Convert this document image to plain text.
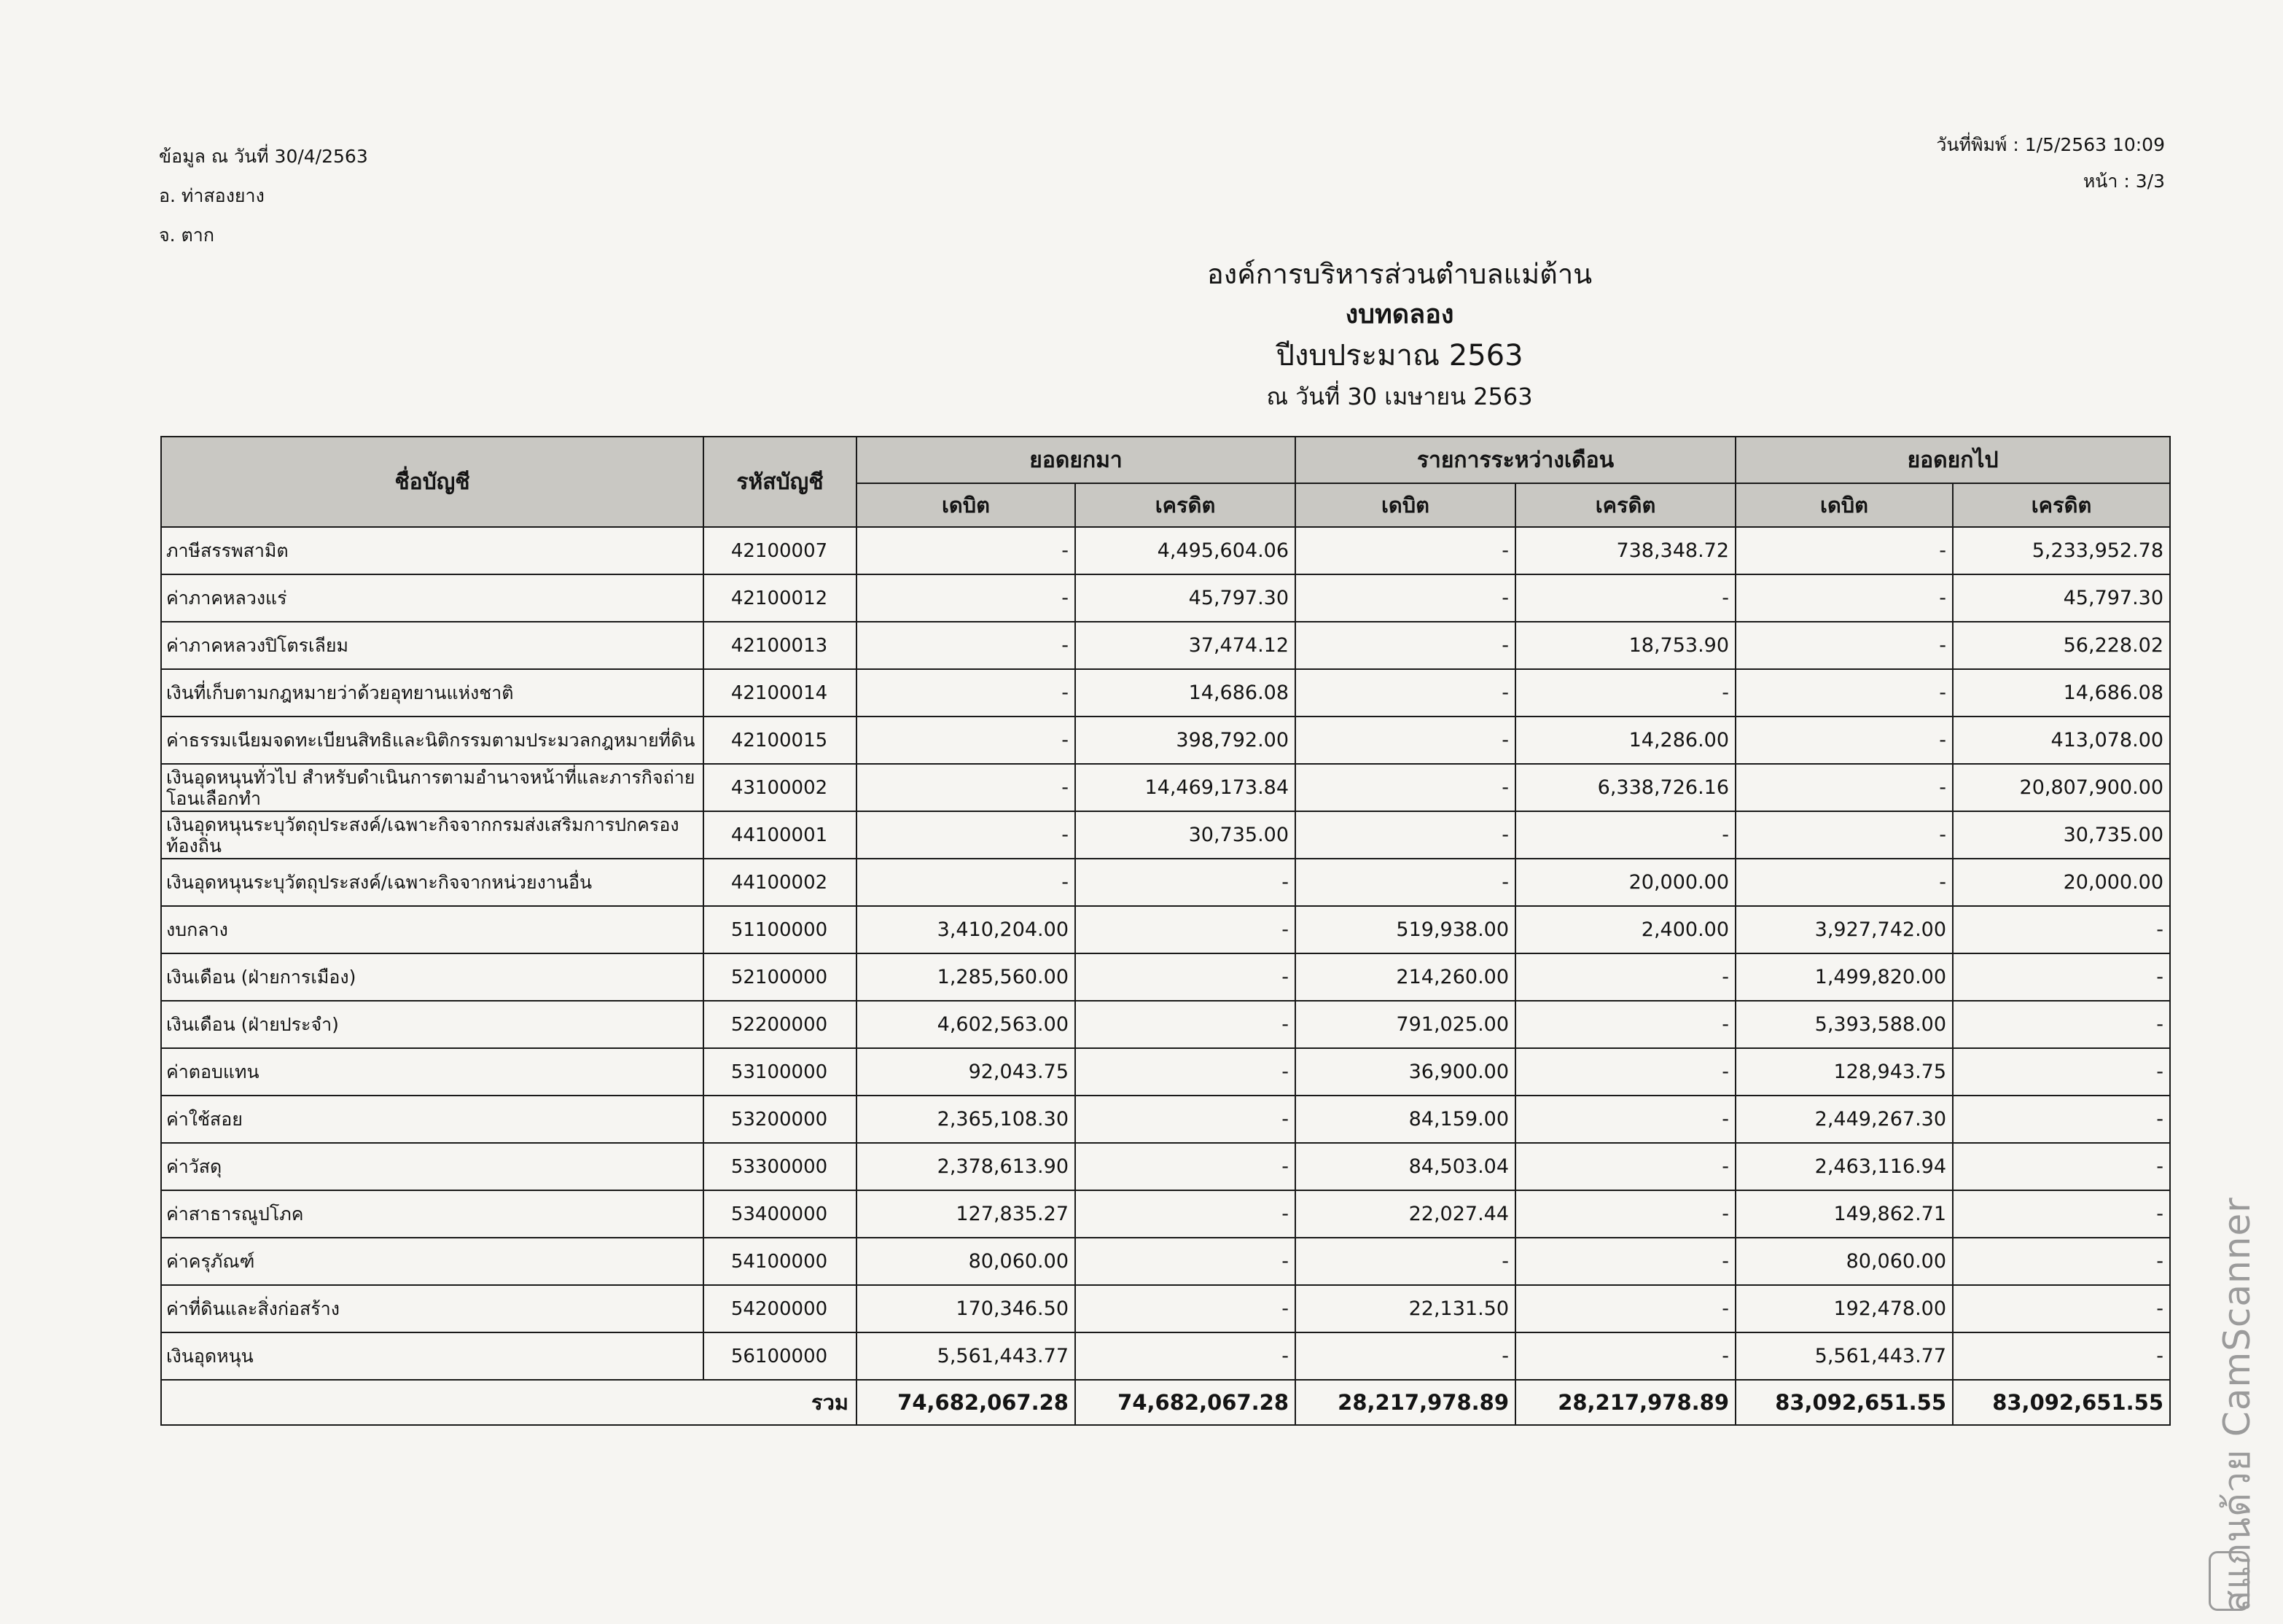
ข้อมูล ณ วันที่ 30/4/2563
อ. ท่าสองยาง
จ. ตาก
วันที่พิมพ์ : 1/5/2563 10:09
หน้า : 3/3
องค์การบริหารส่วนตำบลแม่ต้าน
งบทดลอง
ปีงบประมาณ 2563
ณ วันที่ 30 เมษายน 2563
ชื่อบัญชี	รหัสบัญชี	ยอดยกมา		รายการระหว่างเดือน		ยอดยกไป	
		เดบิต	เครดิต	เดบิต	เครดิต	เดบิต	เครดิต
ภาษีสรรพสามิต	42100007	-	4,495,604.06	-	738,348.72	-	5,233,952.78
ค่าภาคหลวงแร่	42100012	-	45,797.30	-	-	-	45,797.30
ค่าภาคหลวงปิโตรเลียม	42100013	-	37,474.12	-	18,753.90	-	56,228.02
เงินที่เก็บตามกฎหมายว่าด้วยอุทยานแห่งชาติ	42100014	-	14,686.08	-	-	-	14,686.08
ค่าธรรมเนียมจดทะเบียนสิทธิและนิติกรรมตามประมวลกฎหมายที่ดิน	42100015	-	398,792.00	-	14,286.00	-	413,078.00
เงินอุดหนุนทั่วไป สำหรับดำเนินการตามอำนาจหน้าที่และภารกิจถ่ายโอนเลือกทำ	43100002	-	14,469,173.84	-	6,338,726.16	-	20,807,900.00
เงินอุดหนุนระบุวัตถุประสงค์/เฉพาะกิจจากกรมส่งเสริมการปกครองท้องถิ่น	44100001	-	30,735.00	-	-	-	30,735.00
เงินอุดหนุนระบุวัตถุประสงค์/เฉพาะกิจจากหน่วยงานอื่น	44100002	-	-	-	20,000.00	-	20,000.00
งบกลาง	51100000	3,410,204.00	-	519,938.00	2,400.00	3,927,742.00	-
เงินเดือน (ฝ่ายการเมือง)	52100000	1,285,560.00	-	214,260.00	-	1,499,820.00	-
เงินเดือน (ฝ่ายประจำ)	52200000	4,602,563.00	-	791,025.00	-	5,393,588.00	-
ค่าตอบแทน	53100000	92,043.75	-	36,900.00	-	128,943.75	-
ค่าใช้สอย	53200000	2,365,108.30	-	84,159.00	-	2,449,267.30	-
ค่าวัสดุ	53300000	2,378,613.90	-	84,503.04	-	2,463,116.94	-
ค่าสาธารณูปโภค	53400000	127,835.27	-	22,027.44	-	149,862.71	-
ค่าครุภัณฑ์	54100000	80,060.00	-	-	-	80,060.00	-
ค่าที่ดินและสิ่งก่อสร้าง	54200000	170,346.50	-	22,131.50	-	192,478.00	-
เงินอุดหนุน	56100000	5,561,443.77	-	-	-	5,561,443.77	-
รวม		74,682,067.28	74,682,067.28	28,217,978.89	28,217,978.89	83,092,651.55	83,092,651.55 สแกนด้วย CamScanner
